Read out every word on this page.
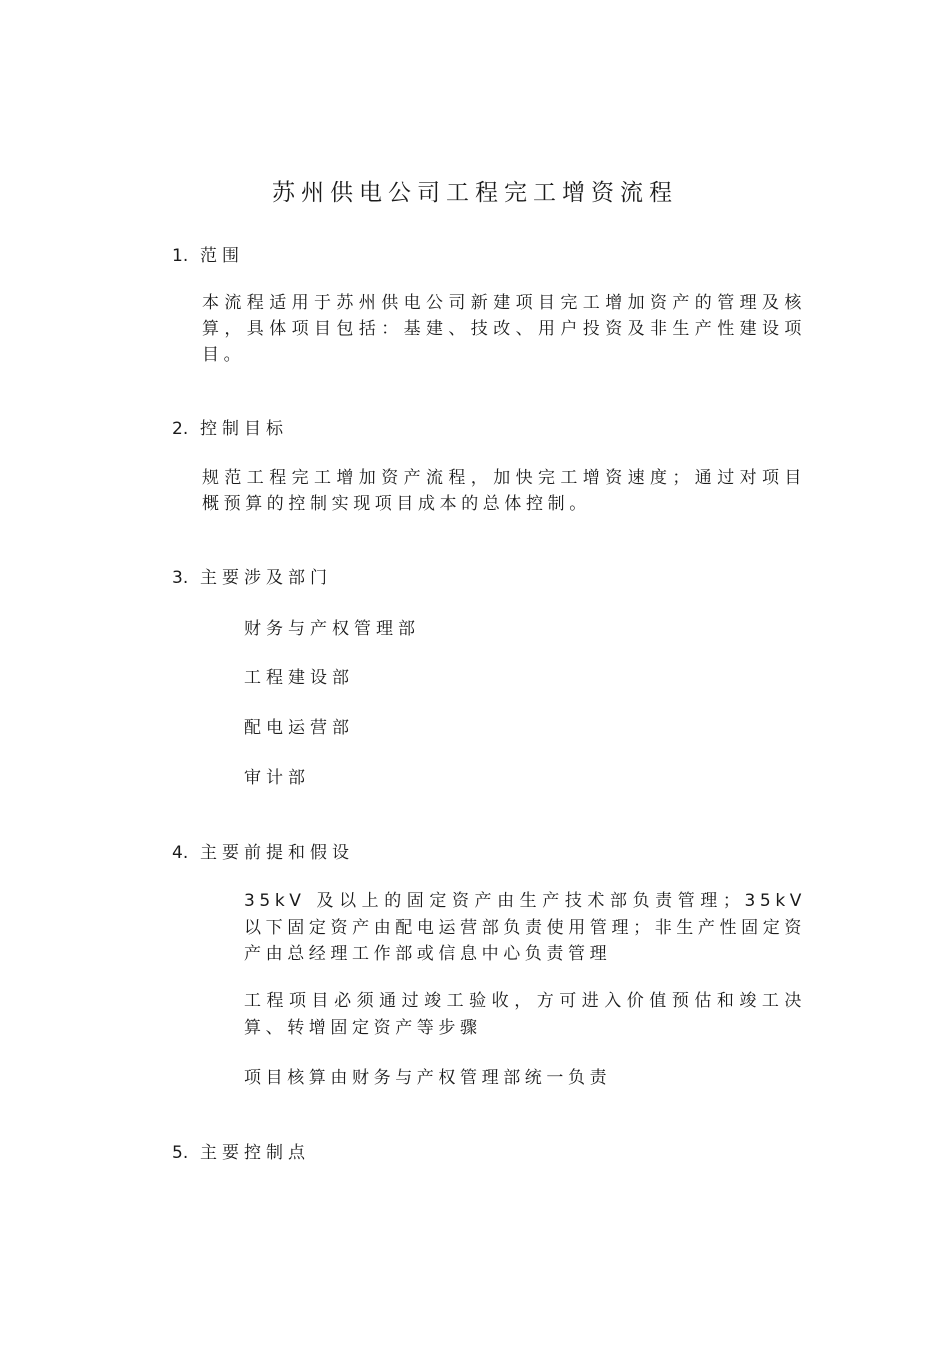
苏州供电公司工程完工增资流程
1. 范围

本流程适用于苏州供电公司新建项目完工增加资产的管理及核算，具体项目包括：基建、技改、用户投资及非生产性建设项目。

2. 控制目标

规范工程完工增加资产流程，加快完工增资速度；通过对项目概预算的控制实现项目成本的总体控制。

3. 主要涉及部门

财务与产权管理部

工程建设部

配电运营部

审计部

4. 主要前提和假设

35kV 及以上的固定资产由生产技术部负责管理；35kV 以下固定资产由配电运营部负责使用管理；非生产性固定资产由总经理工作部或信息中心负责管理

工程项目必须通过竣工验收，方可进入价值预估和竣工决算、转增固定资产等步骤

项目核算由财务与产权管理部统一负责

5. 主要控制点
